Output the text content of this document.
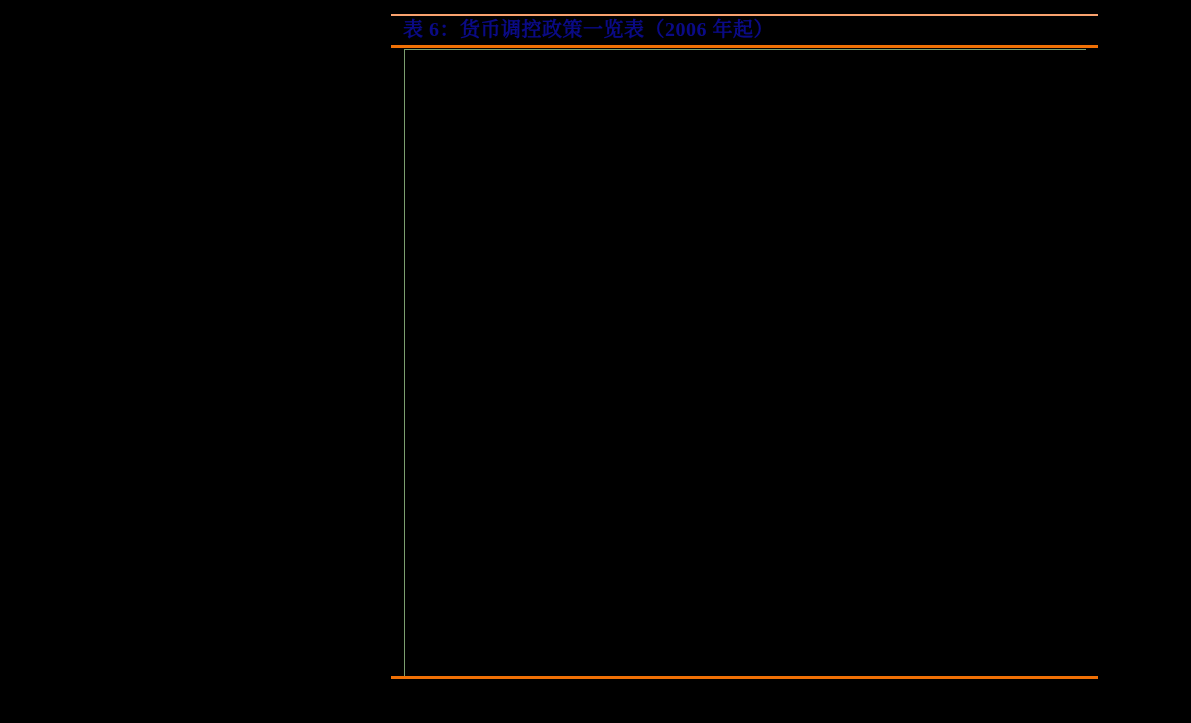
表 6：货币调控政策一览表（2006 年起）
